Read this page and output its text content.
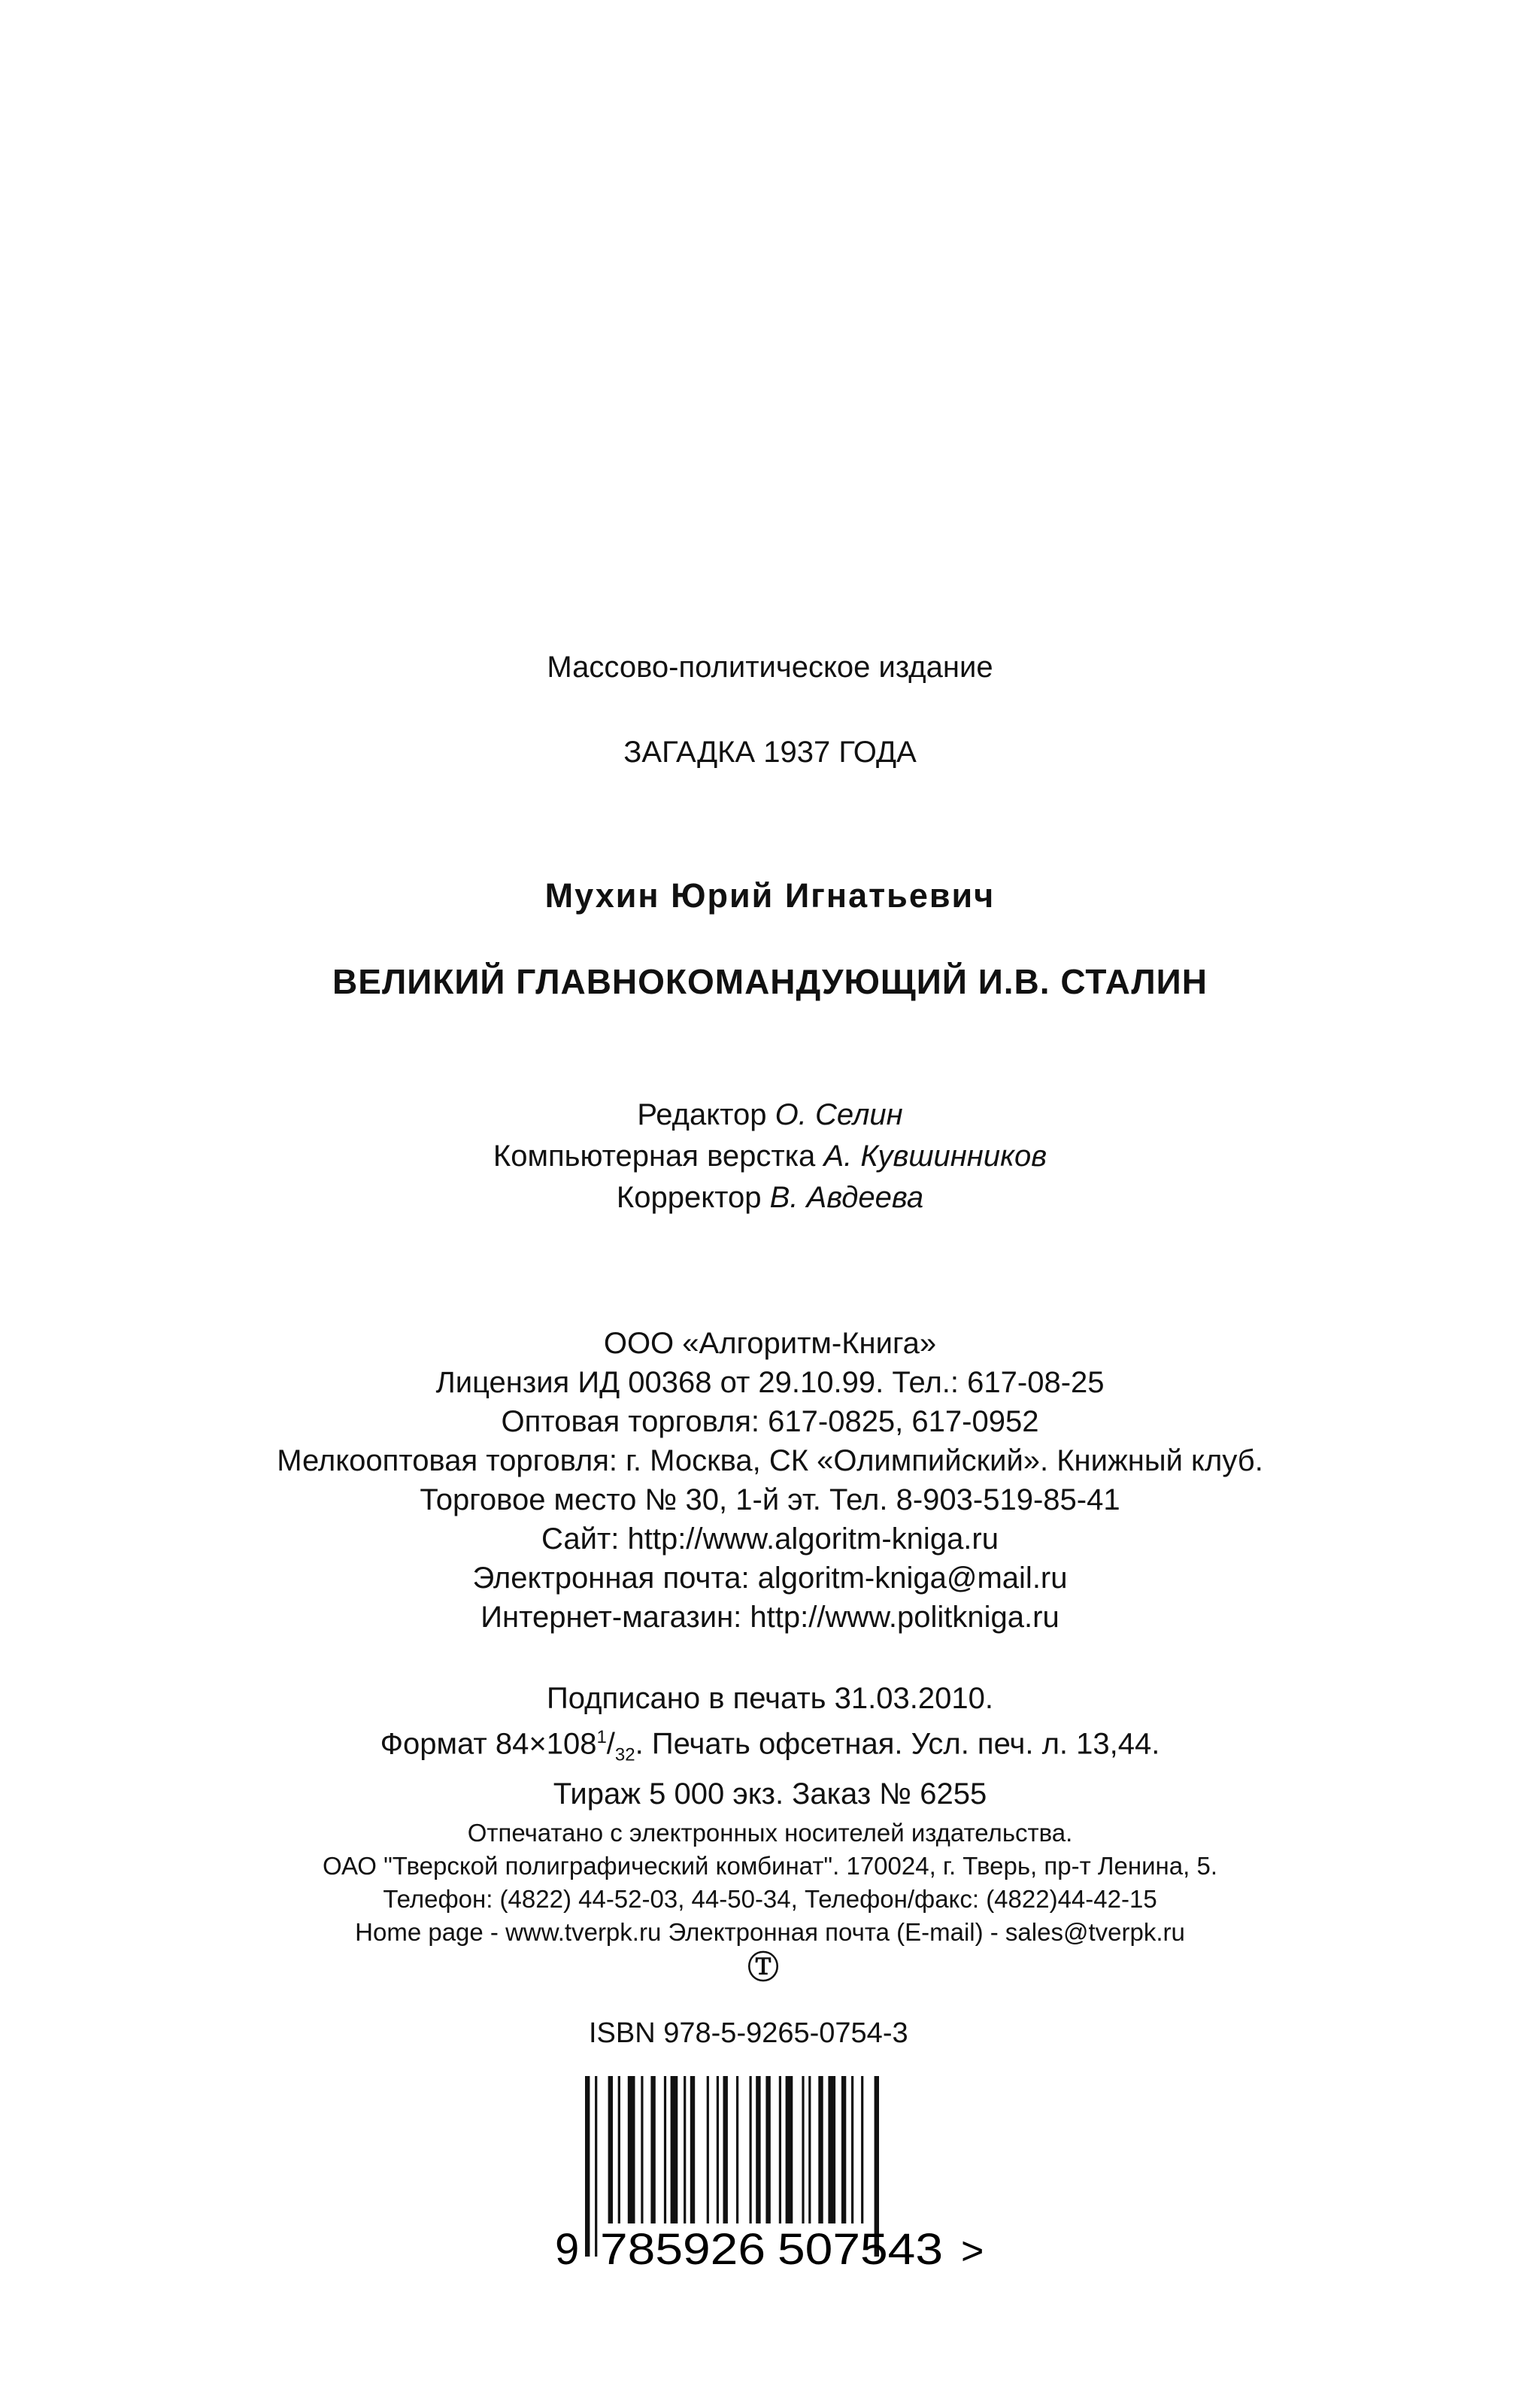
Массово-политическое издание
ЗАГАДКА 1937 ГОДА
Мухин Юрий Игнатьевич
ВЕЛИКИЙ ГЛАВНОКОМАНДУЮЩИЙ И.В. СТАЛИН
Редактор О. Селин
Компьютерная верстка А. Кувшинников
Корректор В. Авдеева
ООО «Алгоритм-Книга»
Лицензия ИД 00368 от 29.10.99. Тел.: 617-08-25
Оптовая торговля: 617-0825, 617-0952
Мелкооптовая торговля: г. Москва, СК «Олимпийский». Книжный клуб.
Торговое место № 30, 1-й эт. Тел. 8-903-519-85-41
Сайт: http://www.algoritm-kniga.ru
Электронная почта: algoritm-kniga@mail.ru
Интернет-магазин: http://www.politkniga.ru
Подписано в печать 31.03.2010.
Формат $84\times 108^1/_{32}$. Печать офсетная. Усл. печ. л. 13,44.
Тираж 5 000 экз. Заказ № 6255
Отпечатано с электронных носителей издательства.
ОАО "Тверской полиграфический комбинат". 170024, г. Тверь, пр-т Ленина, 5.
Телефон: (4822) 44-52-03, 44-50-34, Телефон/факс: (4822)44-42-15
Home page - www.tverpk.ru Электронная почта (E-mail) - sales@tverpk.ru
Ⓣ
ISBN 978-5-9265-0754-3
9 785926 507543 >
